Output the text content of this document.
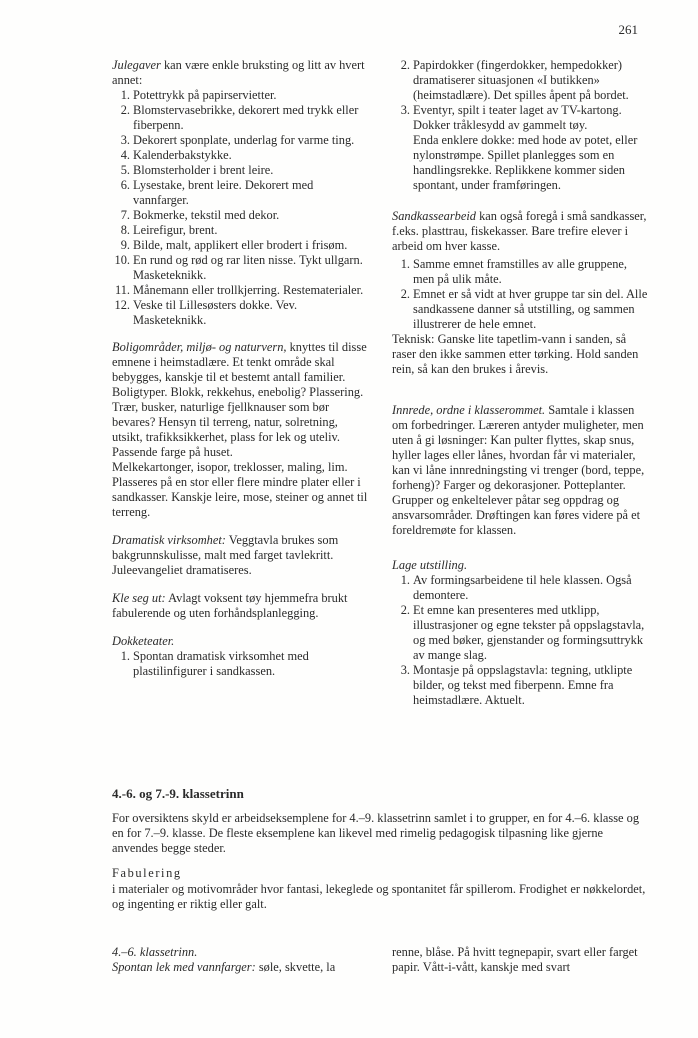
261

Julegaver kan være enkle bruksting og litt av hvert annet:

1. Potettrykk på papirservietter.
2. Blomstervasebrikke, dekorert med trykk eller fiberpenn.
3. Dekorert sponplate, underlag for varme ting.
4. Kalenderbakstykke.
5. Blomsterholder i brent leire.
6. Lysestake, brent leire. Dekorert med vannfarger.
7. Bokmerke, tekstil med dekor.
8. Leirefigur, brent.
9. Bilde, malt, applikert eller brodert i frisøm.
10. En rund og rød og rar liten nisse. Tykt ullgarn. Masketeknikk.
11. Månemann eller trollkjerring. Restematerialer.
12. Veske til Lillesøsters dokke. Vev. Masketeknikk.

Boligområder, miljø- og naturvern, knyttes til disse emnene i heimstadlære. Et tenkt område skal bebygges, kanskje til et bestemt antall familier. Boligtyper. Blokk, rekkehus, enebolig? Plassering. Trær, busker, naturlige fjellknauser som bør bevares? Hensyn til terreng, natur, solretning, utsikt, trafikksikkerhet, plass for lek og uteliv. Passende farge på huset.

Melkekartonger, isopor, treklosser, maling, lim. Plasseres på en stor eller flere mindre plater eller i sandkasser. Kanskje leire, mose, steiner og annet til terreng.

Dramatisk virksomhet: Veggtavla brukes som bakgrunnskulisse, malt med farget tavlekritt.

Juleevangeliet dramatiseres.

Kle seg ut: Avlagt voksent tøy hjemmefra brukt fabulerende og uten forhåndsplanlegging.

Dokketeater.

1. Spontan dramatisk virksomhet med plastilinfigurer i sandkassen.
2. Papirdokker (fingerdokker, hempedokker) dramatiserer situasjonen «I butikken» (heimstadlære). Det spilles åpent på bordet.
3. Eventyr, spilt i teater laget av TV-kartong. Dokker tråklesydd av gammelt tøy.

Enda enklere dokke: med hode av potet, eller nylonstrømpe. Spillet planlegges som en handlingsrekke. Replikkene kommer siden spontant, under framføringen.

Sandkassearbeid kan også foregå i små sandkasser, f.eks. plasttrau, fiskekasser. Bare trefire elever i arbeid om hver kasse.

1. Samme emnet framstilles av alle gruppene, men på ulik måte.
2. Emnet er så vidt at hver gruppe tar sin del. Alle sandkassene danner så utstilling, og sammen illustrerer de hele emnet.

Teknisk: Ganske lite tapetlim-vann i sanden, så raser den ikke sammen etter tørking. Hold sanden rein, så kan den brukes i årevis.

Innrede, ordne i klasserommet. Samtale i klassen om forbedringer. Læreren antyder muligheter, men uten å gi løsninger: Kan pulter flyttes, skap snus, hyller lages eller lånes, hvordan får vi materialer, kan vi låne innredningsting vi trenger (bord, teppe, forheng)? Farger og dekorasjoner. Potteplanter.

Grupper og enkeltelever påtar seg oppdrag og ansvarsområder. Drøftingen kan føres videre på et foreldremøte for klassen.

Lage utstilling.

1. Av formingsarbeidene til hele klassen. Også demontere.
2. Et emne kan presenteres med utklipp, illustrasjoner og egne tekster på oppslagstavla, og med bøker, gjenstander og formingsuttrykk av mange slag.
3. Montasje på oppslagstavla: tegning, utklipte bilder, og tekst med fiberpenn. Emne fra heimstadlære. Aktuelt.
4.-6. og 7.-9. klassetrinn

For oversiktens skyld er arbeidseksemplene for 4.–9. klassetrinn samlet i to grupper, en for 4.–6. klasse og en for 7.–9. klasse. De fleste eksemplene kan likevel med rimelig pedagogisk tilpasning like gjerne anvendes begge steder.

Fabulering

i materialer og motivområder hvor fantasi, lekeglede og spontanitet får spillerom. Frodighet er nøkkelordet, og ingenting er riktig eller galt.

4.–6. klassetrinn.

Spontan lek med vannfarger: søle, skvette, la

renne, blåse. På hvitt tegnepapir, svart eller farget papir. Vått-i-vått, kanskje med svart
